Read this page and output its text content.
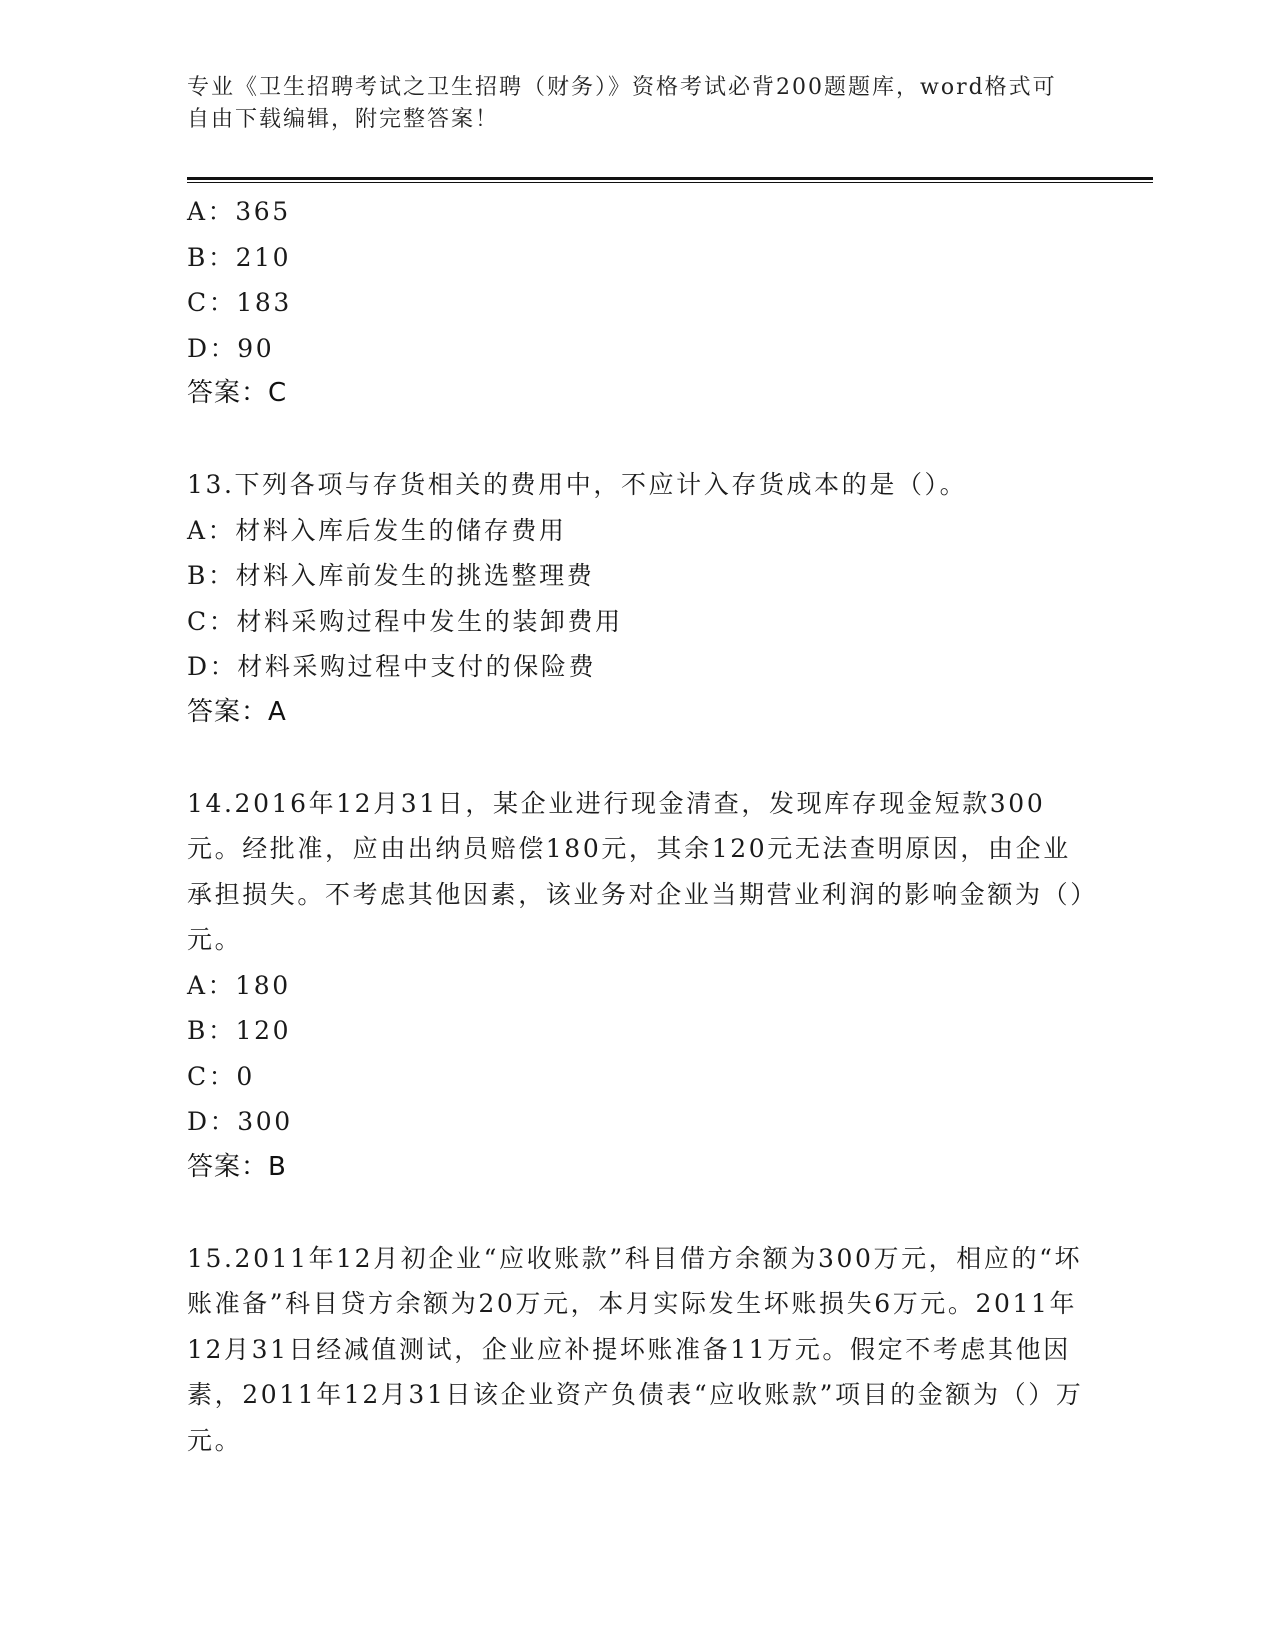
专业《卫生招聘考试之卫生招聘（财务）》资格考试必背200题题库，word格式可自由下载编辑，附完整答案！
A：365
B：210
C：183
D：90
答案：C
13.下列各项与存货相关的费用中，不应计入存货成本的是（）。
A：材料入库后发生的储存费用
B：材料入库前发生的挑选整理费
C：材料采购过程中发生的装卸费用
D：材料采购过程中支付的保险费
答案：A
14.2016年12月31日，某企业进行现金清查，发现库存现金短款300元。经批准，应由出纳员赔偿180元，其余120元无法查明原因，由企业承担损失。不考虑其他因素，该业务对企业当期营业利润的影响金额为（）元。
A：180
B：120
C：0
D：300
答案：B
15.2011年12月初企业“应收账款”科目借方余额为300万元，相应的“坏账准备”科目贷方余额为20万元，本月实际发生坏账损失6万元。2011年12月31日经减值测试，企业应补提坏账准备11万元。假定不考虑其他因素，2011年12月31日该企业资产负债表“应收账款”项目的金额为（）万元。
